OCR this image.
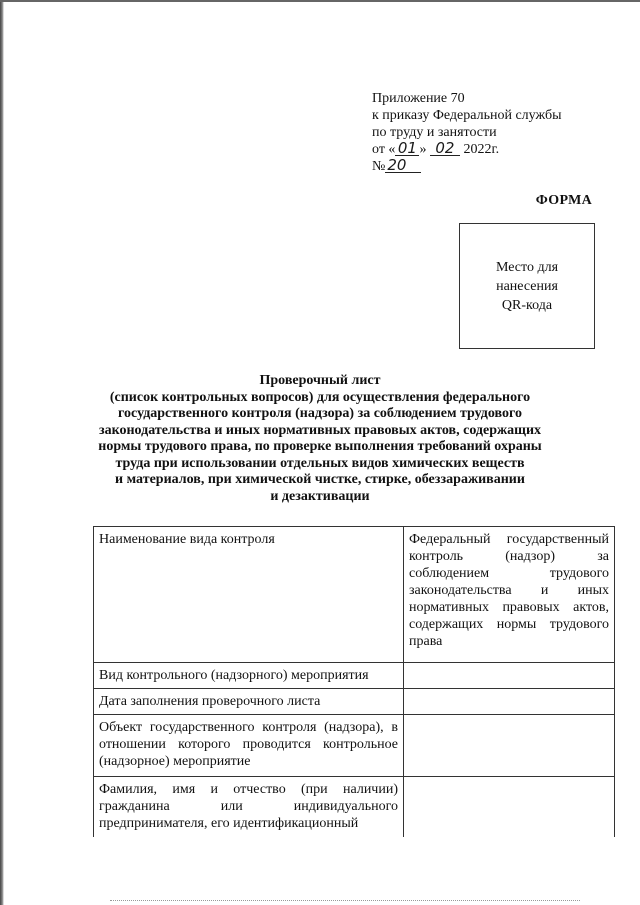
Приложение 70
к приказу Федеральной службы
по труду и занятости
от « 01 » 02 2022г.
№ 20
ФОРМА
Место для
нанесения
QR-кода
Проверочный лист
(список контрольных вопросов) для осуществления федерального
государственного контроля (надзора) за соблюдением трудового
законодательства и иных нормативных правовых актов, содержащих
нормы трудового права, по проверке выполнения требований охраны
труда при использовании отдельных видов химических веществ
и материалов, при химической чистке, стирке, обеззараживании
и дезактивации
Наименование вида контроля	Федеральный государственный контроль (надзор) за соблюдением трудового законодательства и иных нормативных правовых актов, содержащих нормы трудового права
Вид контрольного (надзорного) мероприятия	
Дата заполнения проверочного листа	
Объект государственного контроля (надзора), в отношении которого проводится контрольное (надзорное) мероприятие	
Фамилия, имя и отчество (при наличии) гражданина или индивидуального предпринимателя, его идентификационный	
